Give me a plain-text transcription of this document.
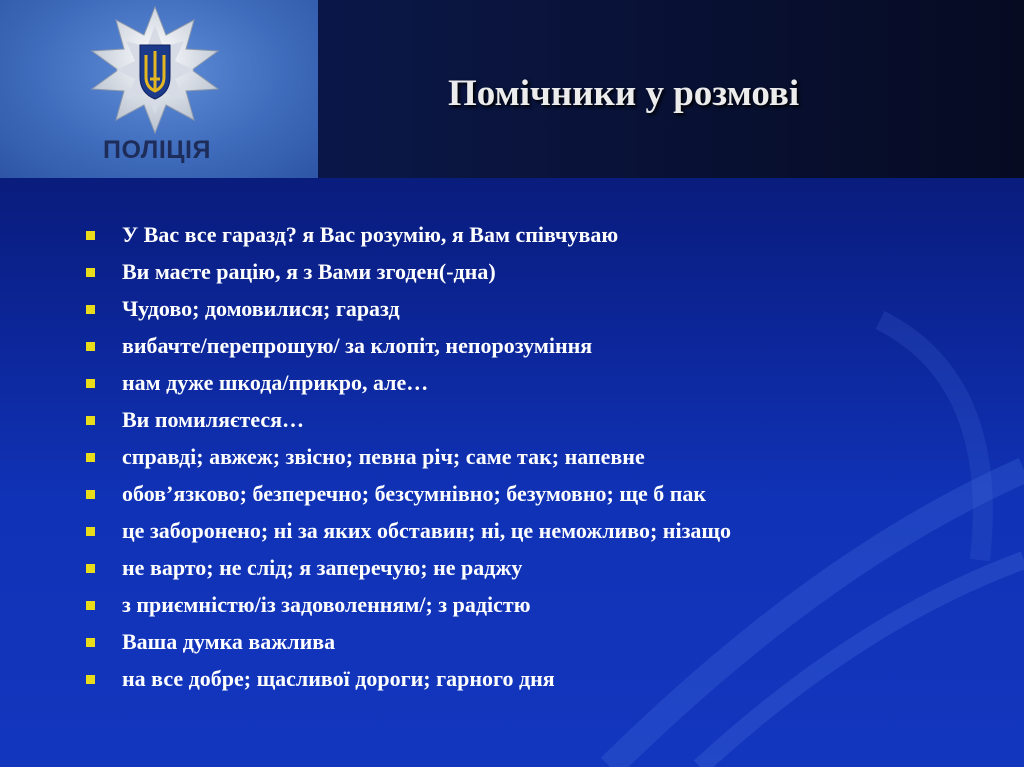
ПОЛІЦІЯ
Помічники у розмові
У Вас все гаразд? я Вас розумію, я Вам співчуваю
Ви маєте рацію, я з Вами згоден(-дна)
Чудово; домовилися; гаразд
вибачте/перепрошую/ за клопіт, непорозуміння
нам дуже шкода/прикро, але…
Ви помиляєтеся…
справді; авжеж; звісно; певна річ; саме так; напевне
обов’язково; безперечно; безсумнівно; безумовно; ще б пак
це заборонено; ні за яких обставин; ні, це неможливо; нізащо
не варто; не слід; я заперечую; не раджу
з приємністю/із задоволенням/; з радістю
Ваша думка важлива
на все добре; щасливої дороги; гарного дня
